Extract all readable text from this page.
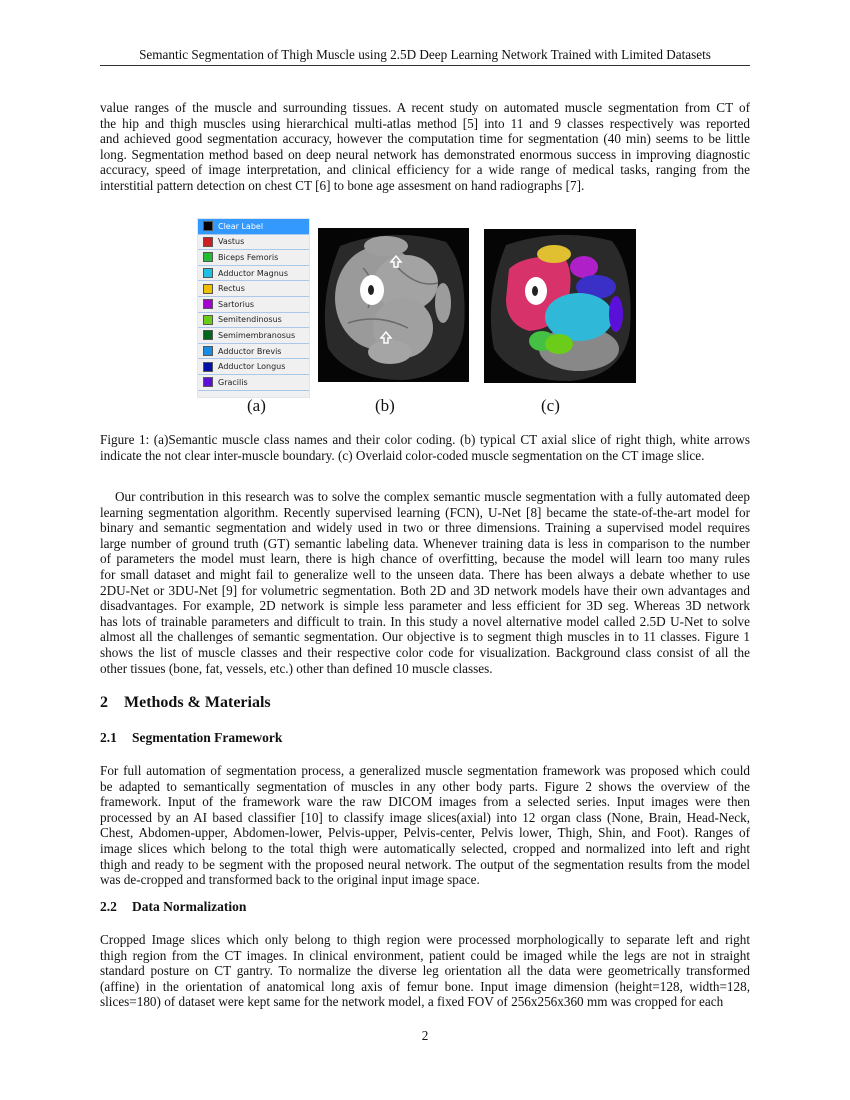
Semantic Segmentation of Thigh Muscle using 2.5D Deep Learning Network Trained with Limited Datasets
value ranges of the muscle and surrounding tissues. A recent study on automated muscle segmentation from CT of
the hip and thigh muscles using hierarchical multi-atlas method [5] into 11 and 9 classes respectively was reported
and achieved good segmentation accuracy, however the computation time for segmentation (40 min) seems to be little
long. Segmentation method based on deep neural network has demonstrated enormous success in improving diagnostic
accuracy, speed of image interpretation, and clinical efficiency for a wide range of medical tasks, ranging from the
interstitial pattern detection on chest CT [6] to bone age assesment on hand radiographs [7].
Clear Label
Vastus
Biceps Femoris
Adductor Magnus
Rectus
Sartorius
Semitendinosus
Semimembranosus
Adductor Brevis
Adductor Longus
Gracilis
(a)	(b)	(c)
Figure 1: (a)Semantic muscle class names and their color coding. (b) typical CT axial slice of right thigh, white arrows
indicate the not clear inter-muscle boundary. (c) Overlaid color-coded muscle segmentation on the CT image slice.
Our contribution in this research was to solve the complex semantic muscle segmentation with a fully automated deep
learning segmentation algorithm. Recently supervised learning (FCN), U-Net [8] became the state-of-the-art model for
binary and semantic segmentation and widely used in two or three dimensions. Training a supervised model requires
large number of ground truth (GT) semantic labeling data. Whenever training data is less in comparison to the number
of parameters the model must learn, there is high chance of overfitting, because the model will learn too many rules
for small dataset and might fail to generalize well to the unseen data. There has been always a debate whether to use
2DU-Net or 3DU-Net [9] for volumetric segmentation. Both 2D and 3D network models have their own advantages and
disadvantages. For example, 2D network is simple less parameter and less efficient for 3D seg. Whereas 3D network
has lots of trainable parameters and difficult to train. In this study a novel alternative model called 2.5D U-Net to solve
almost all the challenges of semantic segmentation. Our objective is to segment thigh muscles in to 11 classes. Figure 1
shows the list of muscle classes and their respective color code for visualization. Background class consist of all the
other tissues (bone, fat, vessels, etc.) other than defined 10 muscle classes.
2 Methods & Materials
2.1 Segmentation Framework
For full automation of segmentation process, a generalized muscle segmentation framework was proposed which could
be adapted to semantically segmentation of muscles in any other body parts. Figure 2 shows the overview of the
framework. Input of the framework ware the raw DICOM images from a selected series. Input images were then
processed by an AI based classifier [10] to classify image slices(axial) into 12 organ class (None, Brain, Head-Neck,
Chest, Abdomen-upper, Abdomen-lower, Pelvis-upper, Pelvis-center, Pelvis lower, Thigh, Shin, and Foot). Ranges of
image slices which belong to the total thigh were automatically selected, cropped and normalized into left and right
thigh and ready to be segment with the proposed neural network. The output of the segmentation results from the model
was de-cropped and transformed back to the original input image space.
2.2 Data Normalization
Cropped Image slices which only belong to thigh region were processed morphologically to separate left and right
thigh region from the CT images. In clinical environment, patient could be imaged while the legs are not in straight
standard posture on CT gantry. To normalize the diverse leg orientation all the data were geometrically transformed
(affine) in the orientation of anatomical long axis of femur bone. Input image dimension (height=128, width=128,
slices=180) of dataset were kept same for the network model, a fixed FOV of 256x256x360 mm was cropped for each
2
